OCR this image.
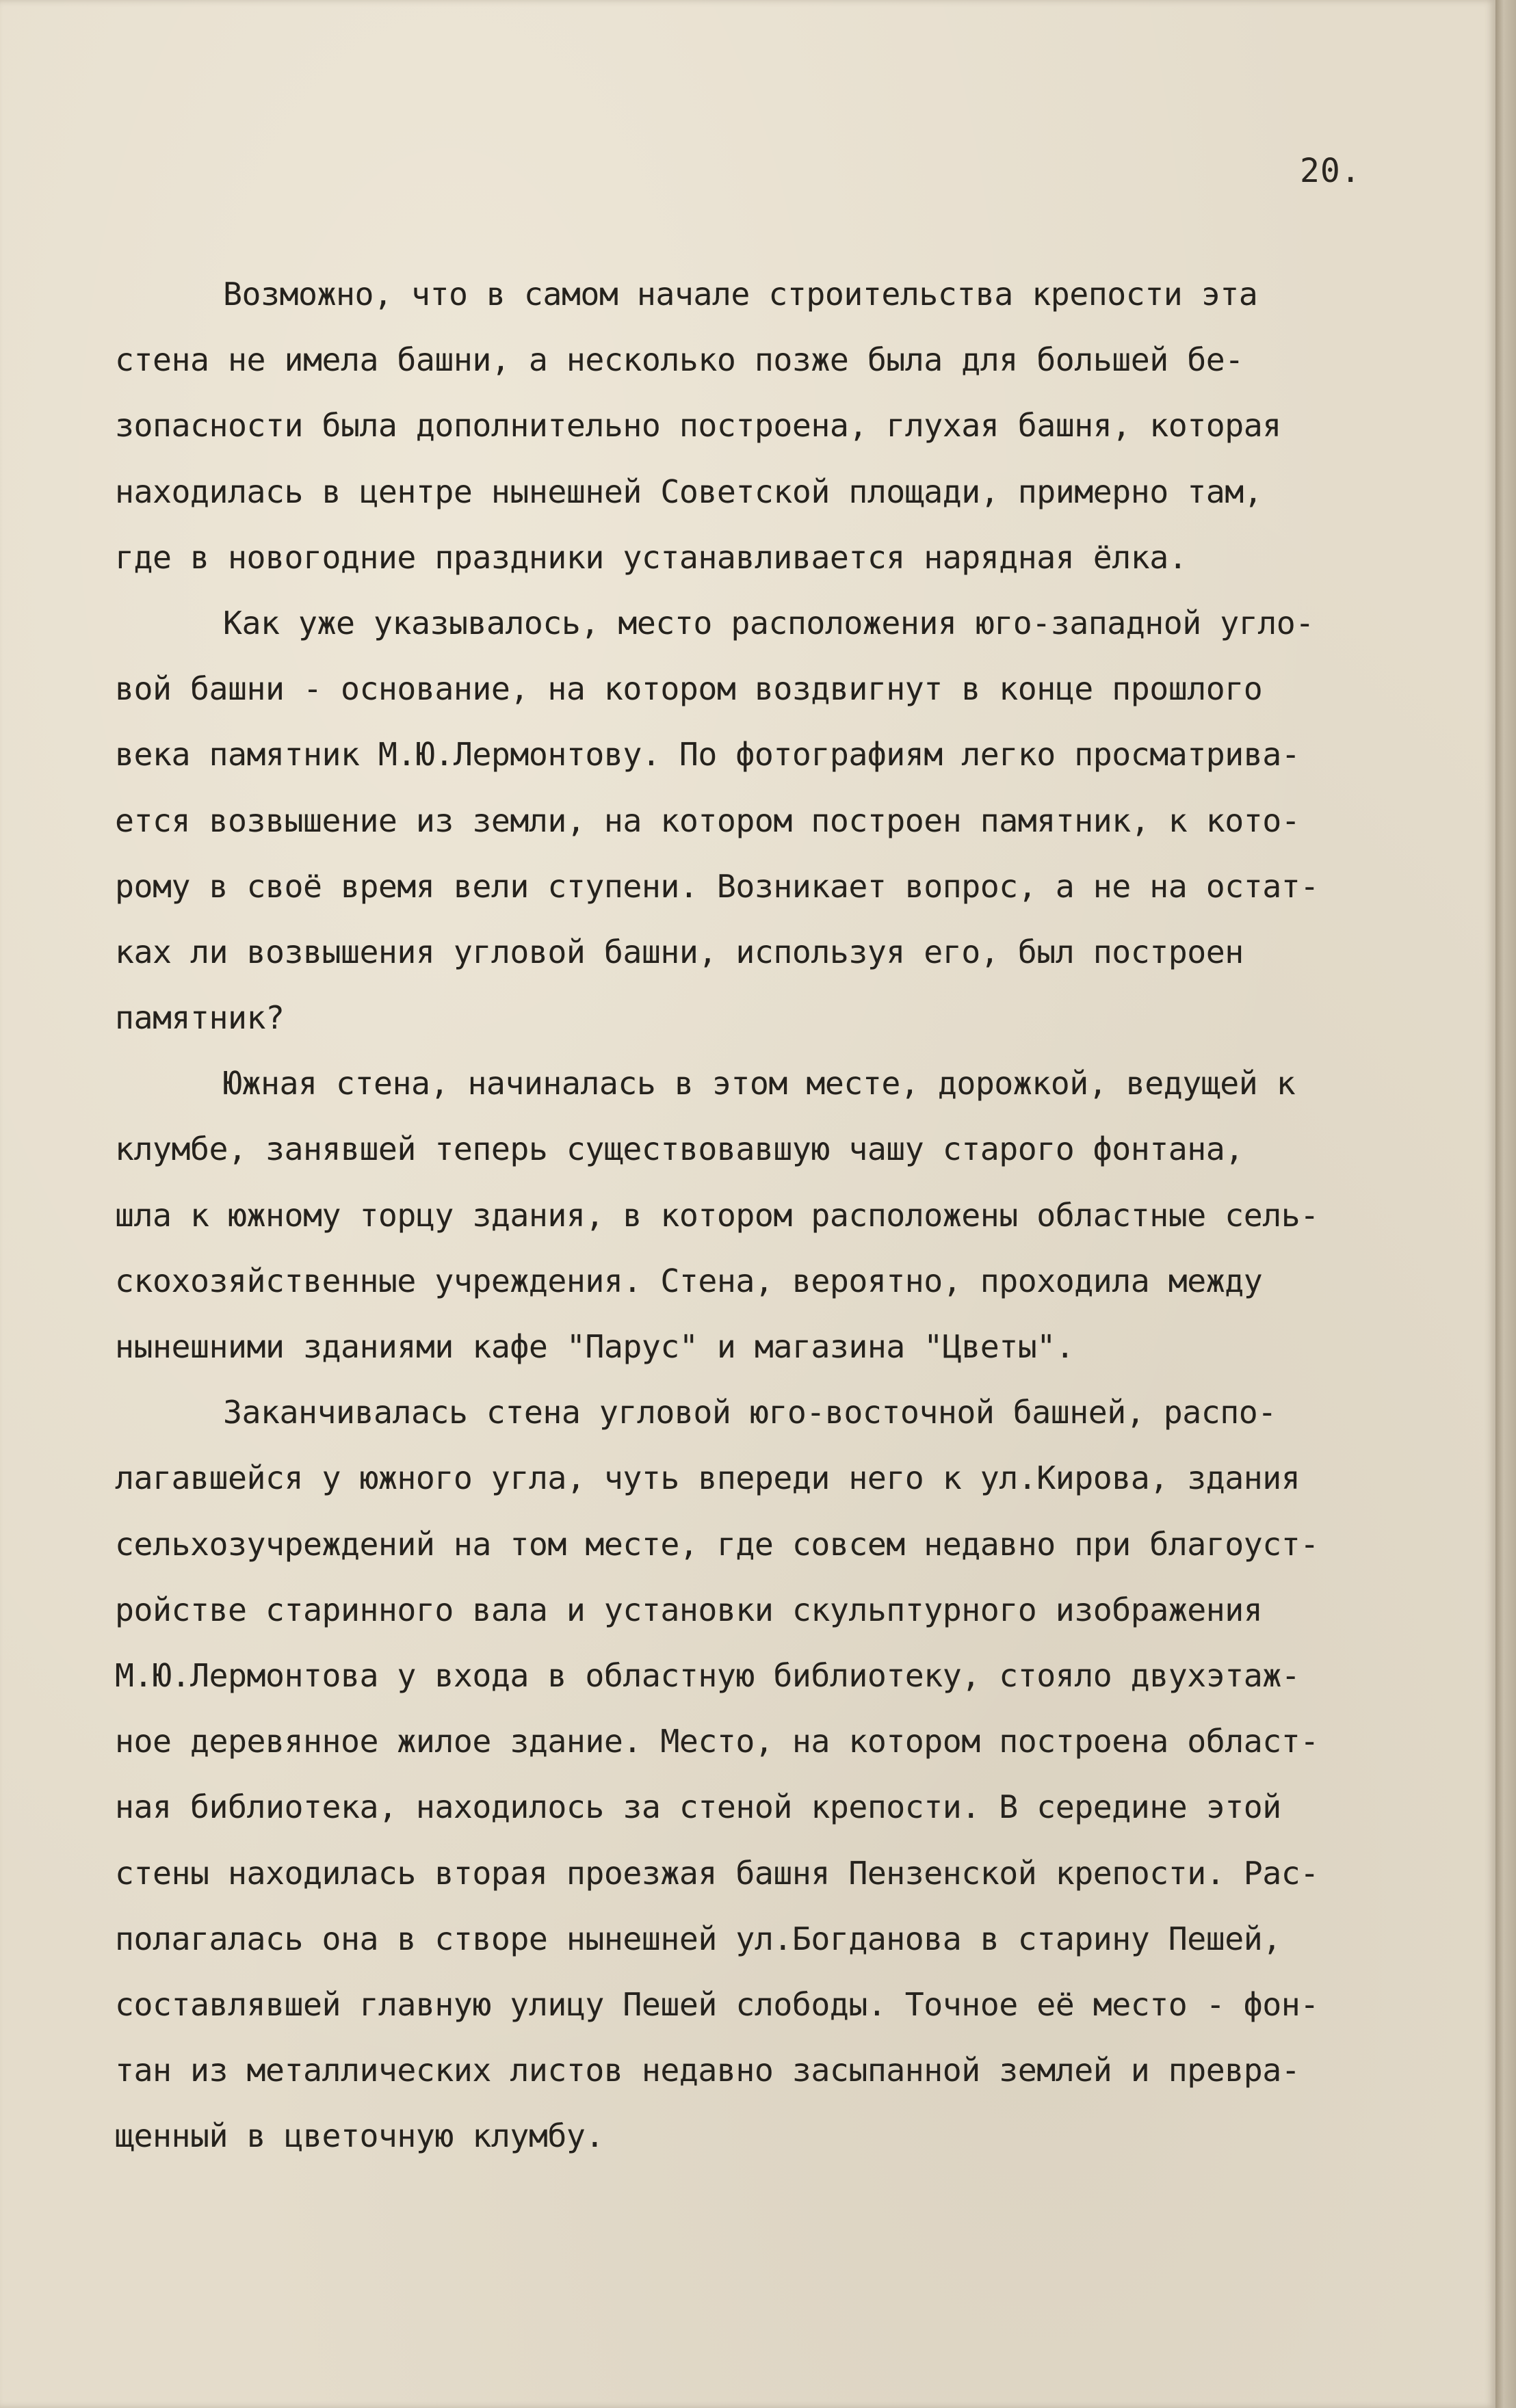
20.
Возможно, что в самом начале строительства крепости эта
стена не имела башни, а несколько позже была для большей бе-
зопасности была дополнительно построена, глухая башня, которая
находилась в центре нынешней Советской площади, примерно там,
где в новогодние праздники устанавливается нарядная ёлка.
Как уже указывалось, место расположения юго-западной угло-
вой башни - основание, на котором воздвигнут в конце прошлого
века памятник М.Ю.Лермонтову. По фотографиям легко просматрива-
ется возвышение из земли, на котором построен памятник, к кото-
рому в своё время вели ступени. Возникает вопрос, а не на остат-
ках ли возвышения угловой башни, используя его, был построен
памятник?
Южная стена, начиналась в этом месте, дорожкой, ведущей к
клумбе, занявшей теперь существовавшую чашу старого фонтана,
шла к южному торцу здания, в котором расположены областные сель-
скохозяйственные учреждения. Стена, вероятно, проходила между
нынешними зданиями кафе "Парус" и магазина "Цветы".
Заканчивалась стена угловой юго-восточной башней, распо-
лагавшейся у южного угла, чуть впереди него к ул.Кирова, здания
сельхозучреждений на том месте, где совсем недавно при благоуст-
ройстве старинного вала и установки скульптурного изображения
М.Ю.Лермонтова у входа в областную библиотеку, стояло двухэтаж-
ное деревянное жилое здание. Место, на котором построена област-
ная библиотека, находилось за стеной крепости. В середине этой
стены находилась вторая проезжая башня Пензенской крепости. Рас-
полагалась она в створе нынешней ул.Богданова в старину Пешей,
составлявшей главную улицу Пешей слободы. Точное её место - фон-
тан из металлических листов недавно засыпанной землей и превра-
щенный в цветочную клумбу.
